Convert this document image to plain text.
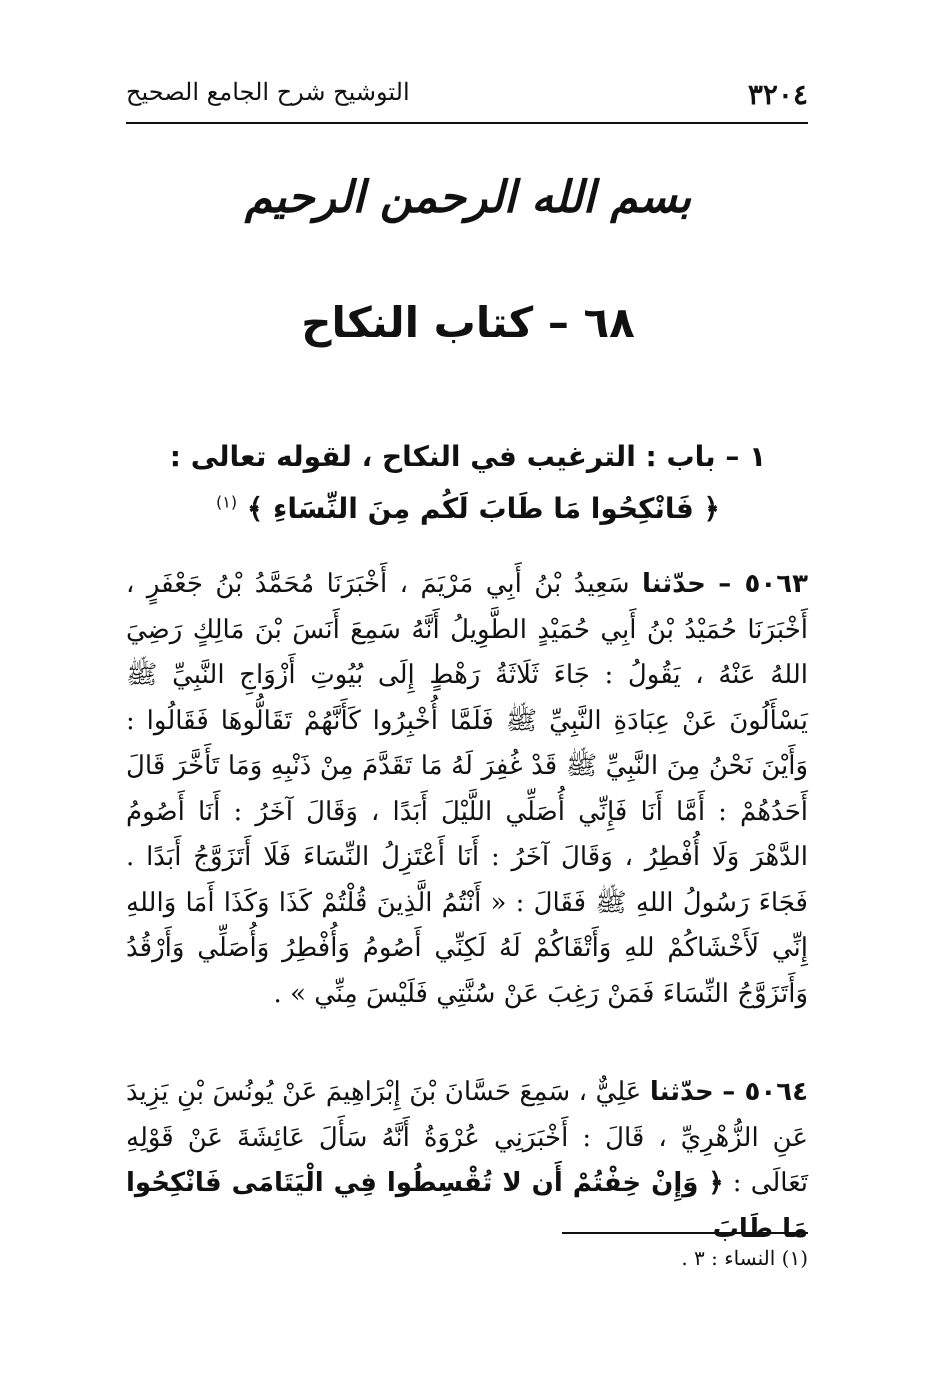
٣٢٠٤
التوشيح شرح الجامع الصحيح
بسم الله الرحمن الرحيم
٦٨ – كتاب النكاح
١ – باب : الترغيب في النكاح ، لقوله تعالى :
﴿ فَانْكِحُوا مَا طَابَ لَكُم مِنَ النِّسَاءِ ﴾ $^{(١)}$

٥٠٦٣ – حدّثنا سَعِيدُ بْنُ أَبِي مَرْيَمَ ، أَخْبَرَنَا مُحَمَّدُ بْنُ جَعْفَرٍ ، أَخْبَرَنَا حُمَيْدُ بْنُ أَبِي حُمَيْدٍ الطَّوِيلُ أَنَّهُ سَمِعَ أَنَسَ بْنَ مَالِكٍ رَضِيَ اللهُ عَنْهُ ، يَقُولُ : جَاءَ ثَلَاثَةُ رَهْطٍ إِلَى بُيُوتِ أَزْوَاجِ النَّبِيِّ ﷺ يَسْأَلُونَ عَنْ عِبَادَةِ النَّبِيِّ ﷺ فَلَمَّا أُخْبِرُوا كَأَنَّهُمْ تَقَالُّوهَا فَقَالُوا : وَأَيْنَ نَحْنُ مِنَ النَّبِيِّ ﷺ قَدْ غُفِرَ لَهُ مَا تَقَدَّمَ مِنْ ذَنْبِهِ وَمَا تَأَخَّرَ قَالَ أَحَدُهُمْ : أَمَّا أَنَا فَإِنِّي أُصَلِّي اللَّيْلَ أَبَدًا ، وَقَالَ آخَرُ : أَنَا أَصُومُ الدَّهْرَ وَلَا أُفْطِرُ ، وَقَالَ آخَرُ : أَنَا أَعْتَزِلُ النِّسَاءَ فَلَا أَتَزَوَّجُ أَبَدًا . فَجَاءَ رَسُولُ اللهِ ﷺ فَقَالَ : « أَنْتُمُ الَّذِينَ قُلْتُمْ كَذَا وَكَذَا أَمَا وَاللهِ إِنِّي لَأَخْشَاكُمْ للهِ وَأَتْقَاكُمْ لَهُ لَكِنِّي أَصُومُ وَأُفْطِرُ وَأُصَلِّي وَأَرْقُدُ وَأَتَزَوَّجُ النِّسَاءَ فَمَنْ رَغِبَ عَنْ سُنَّتِي فَلَيْسَ مِنِّي » .

٥٠٦٤ – حدّثنا عَلِيٌّ ، سَمِعَ حَسَّانَ بْنَ إِبْرَاهِيمَ عَنْ يُونُسَ بْنِ يَزِيدَ عَنِ الزُّهْرِيِّ ، قَالَ : أَخْبَرَنِي عُرْوَةُ أَنَّهُ سَأَلَ عَائِشَةَ عَنْ قَوْلِهِ تَعَالَى : ﴿ وَإِنْ خِفْتُمْ أَن لا تُقْسِطُوا فِي الْيَتَامَى فَانْكِحُوا مَا طَابَ

(١) النساء : ٣ .
